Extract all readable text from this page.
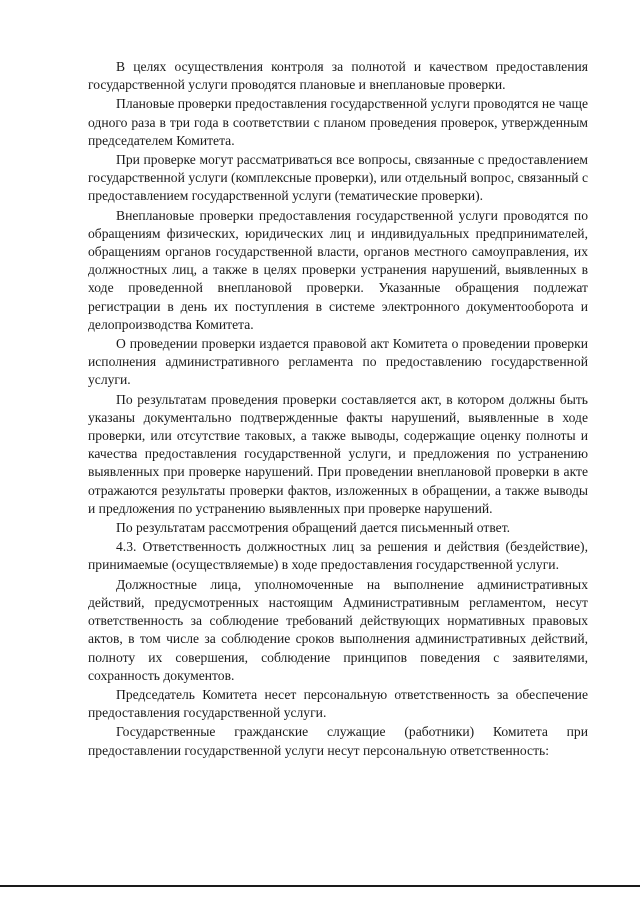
В целях осуществления контроля за полнотой и качеством предоставления государственной услуги проводятся плановые и внеплановые проверки.

Плановые проверки предоставления государственной услуги проводятся не чаще одного раза в три года в соответствии с планом проведения проверок, утвержденным председателем Комитета.

При проверке могут рассматриваться все вопросы, связанные с предоставлением государственной услуги (комплексные проверки), или отдельный вопрос, связанный с предоставлением государственной услуги (тематические проверки).

Внеплановые проверки предоставления государственной услуги проводятся по обращениям физических, юридических лиц и индивидуальных предпринимателей, обращениям органов государственной власти, органов местного самоуправления, их должностных лиц, а также в целях проверки устранения нарушений, выявленных в ходе проведенной внеплановой проверки. Указанные обращения подлежат регистрации в день их поступления в системе электронного документооборота и делопроизводства Комитета.

О проведении проверки издается правовой акт Комитета о проведении проверки исполнения административного регламента по предоставлению государственной услуги.

По результатам проведения проверки составляется акт, в котором должны быть указаны документально подтвержденные факты нарушений, выявленные в ходе проверки, или отсутствие таковых, а также выводы, содержащие оценку полноты и качества предоставления государственной услуги, и предложения по устранению выявленных при проверке нарушений. При проведении внеплановой проверки в акте отражаются результаты проверки фактов, изложенных в обращении, а также выводы и предложения по устранению выявленных при проверке нарушений.

По результатам рассмотрения обращений дается письменный ответ.

4.3. Ответственность должностных лиц за решения и действия (бездействие), принимаемые (осуществляемые) в ходе предоставления государственной услуги.

Должностные лица, уполномоченные на выполнение административных действий, предусмотренных настоящим Административным регламентом, несут ответственность за соблюдение требований действующих нормативных правовых актов, в том числе за соблюдение сроков выполнения административных действий, полноту их совершения, соблюдение принципов поведения с заявителями, сохранность документов.

Председатель Комитета несет персональную ответственность за обеспечение предоставления государственной услуги.

Государственные гражданские служащие (работники) Комитета при предоставлении государственной услуги несут персональную ответственность:
